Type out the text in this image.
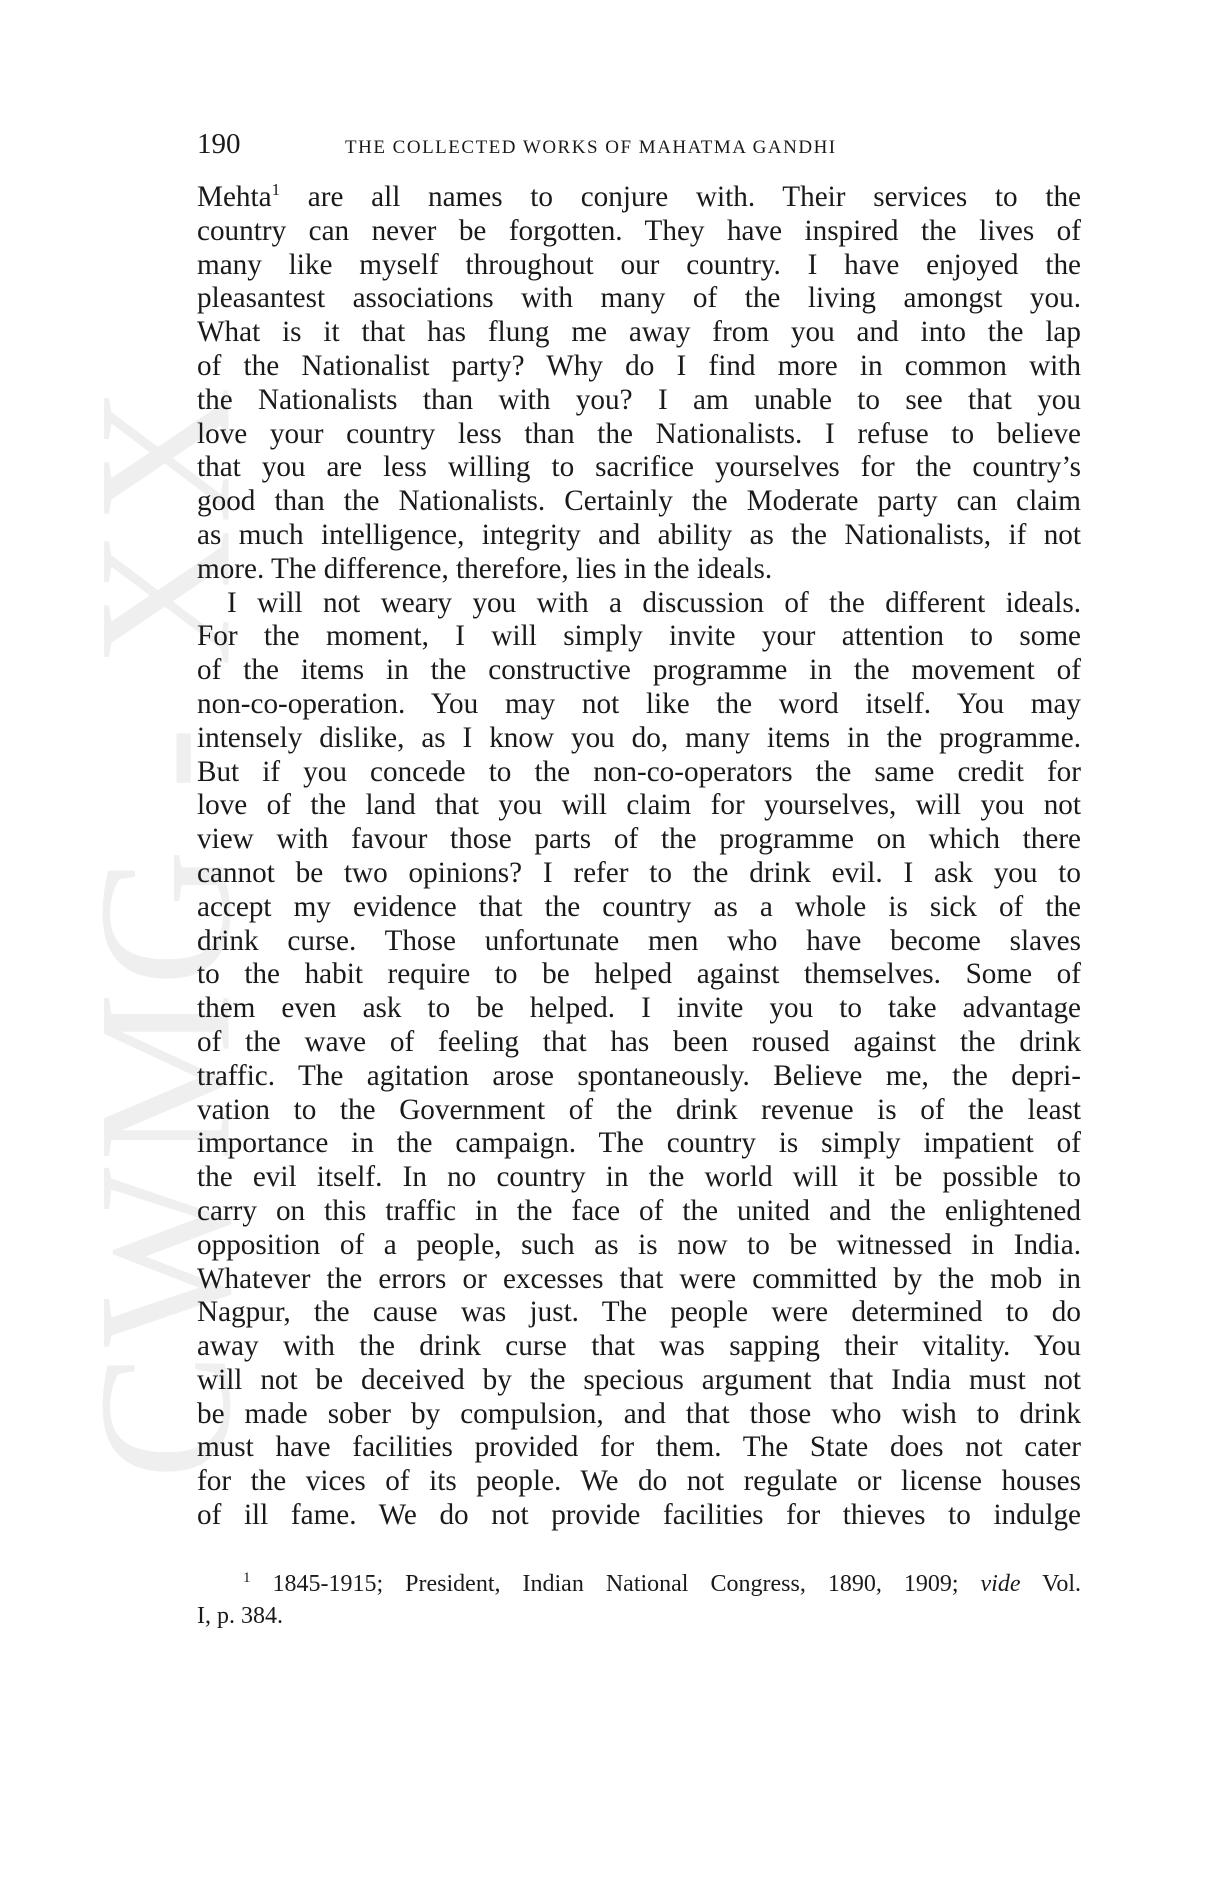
CWMG - XX
190	THE COLLECTED WORKS OF MAHATMA GANDHI
Mehta$^1$ are all names to conjure with. Their services to the
country can never be forgotten. They have inspired the lives of
many like myself throughout our country. I have enjoyed the
pleasantest associations with many of the living amongst you.
What is it that has flung me away from you and into the lap
of the Nationalist party? Why do I find more in common with
the Nationalists than with you? I am unable to see that you
love your country less than the Nationalists. I refuse to believe
that you are less willing to sacrifice yourselves for the country’s
good than the Nationalists. Certainly the Moderate party can claim
as much intelligence, integrity and ability as the Nationalists, if not
more. The difference, therefore, lies in the ideals.
I will not weary you with a discussion of the different ideals.
For the moment, I will simply invite your attention to some
of the items in the constructive programme in the movement of
non-co-operation. You may not like the word itself. You may
intensely dislike, as I know you do, many items in the programme.
But if you concede to the non-co-operators the same credit for
love of the land that you will claim for yourselves, will you not
view with favour those parts of the programme on which there
cannot be two opinions? I refer to the drink evil. I ask you to
accept my evidence that the country as a whole is sick of the
drink curse. Those unfortunate men who have become slaves
to the habit require to be helped against themselves. Some of
them even ask to be helped. I invite you to take advantage
of the wave of feeling that has been roused against the drink
traffic. The agitation arose spontaneously. Believe me, the depri-
vation to the Government of the drink revenue is of the least
importance in the campaign. The country is simply impatient of
the evil itself. In no country in the world will it be possible to
carry on this traffic in the face of the united and the enlightened
opposition of a people, such as is now to be witnessed in India.
Whatever the errors or excesses that were committed by the mob in
Nagpur, the cause was just. The people were determined to do
away with the drink curse that was sapping their vitality. You
will not be deceived by the specious argument that India must not
be made sober by compulsion, and that those who wish to drink
must have facilities provided for them. The State does not cater
for the vices of its people. We do not regulate or license houses
of ill fame. We do not provide facilities for thieves to indulge
$^1$ 1845-1915; President, Indian National Congress, 1890, 1909; vide Vol.
I, p. 384.
